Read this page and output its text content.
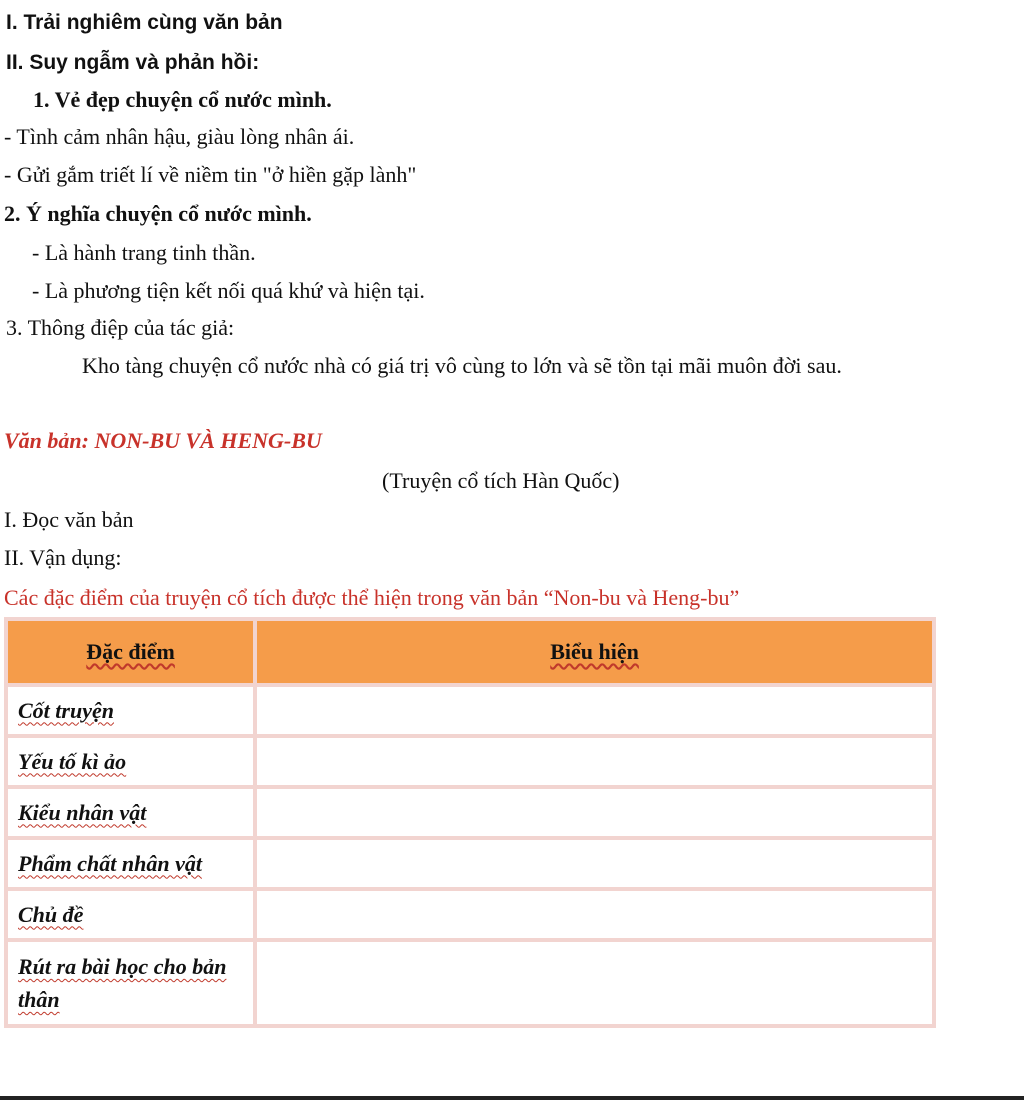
I. Trải nghiêm cùng văn bản
II. Suy ngẫm và phản hồi:
1. Vẻ đẹp chuyện cổ nước mình.
- Tình cảm nhân hậu, giàu lòng nhân ái.
- Gửi gắm triết lí về niềm tin "ở hiền gặp lành"
2. Ý nghĩa chuyện cổ nước mình.
- Là hành trang tinh thần.
- Là phương tiện kết nối quá khứ và hiện tại.
3. Thông điệp của tác giả:
Kho tàng chuyện cổ nước nhà có giá trị vô cùng to lớn và sẽ tồn tại mãi muôn đời sau.
Văn bản: NON-BU VÀ HENG-BU
(Truyện cổ tích Hàn Quốc)
I. Đọc văn bản
II. Vận dụng:
Các đặc điểm của truyện cổ tích được thể hiện trong văn bản “Non-bu và Heng-bu”
Đặc điểm	Biểu hiện
Cốt truyện	
Yếu tố kì ảo	
Kiểu nhân vật	
Phẩm chất nhân vật	
Chủ đề	
Rút ra bài học cho bản thân	
